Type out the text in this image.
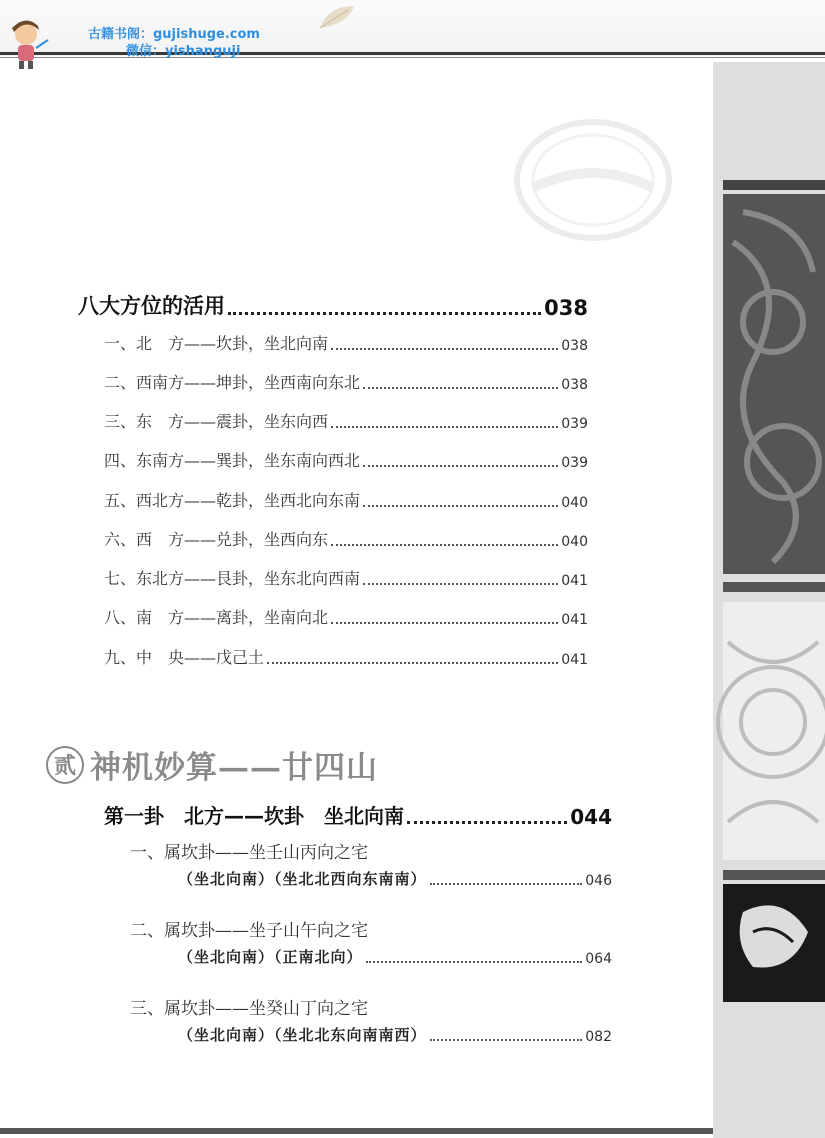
古籍书阁：gujishuge.com
微信：yishanguji
八大方位的活用	038
一、北　方——坎卦，坐北向南	038
二、西南方——坤卦，坐西南向东北	038
三、东　方——震卦，坐东向西	039
四、东南方——巽卦，坐东南向西北	039
五、西北方——乾卦，坐西北向东南	040
六、西　方——兑卦，坐西向东	040
七、东北方——艮卦，坐东北向西南	041
八、南　方——离卦，坐南向北	041
九、中　央——戊己土	041
贰 神机妙算——廿四山
第一卦　北方——坎卦　坐北向南	044
一、属坎卦——坐壬山丙向之宅
（坐北向南）（坐北北西向东南南）	046
二、属坎卦——坐子山午向之宅
（坐北向南）（正南北向）	064
三、属坎卦——坐癸山丁向之宅
（坐北向南）（坐北北东向南南西）	082
